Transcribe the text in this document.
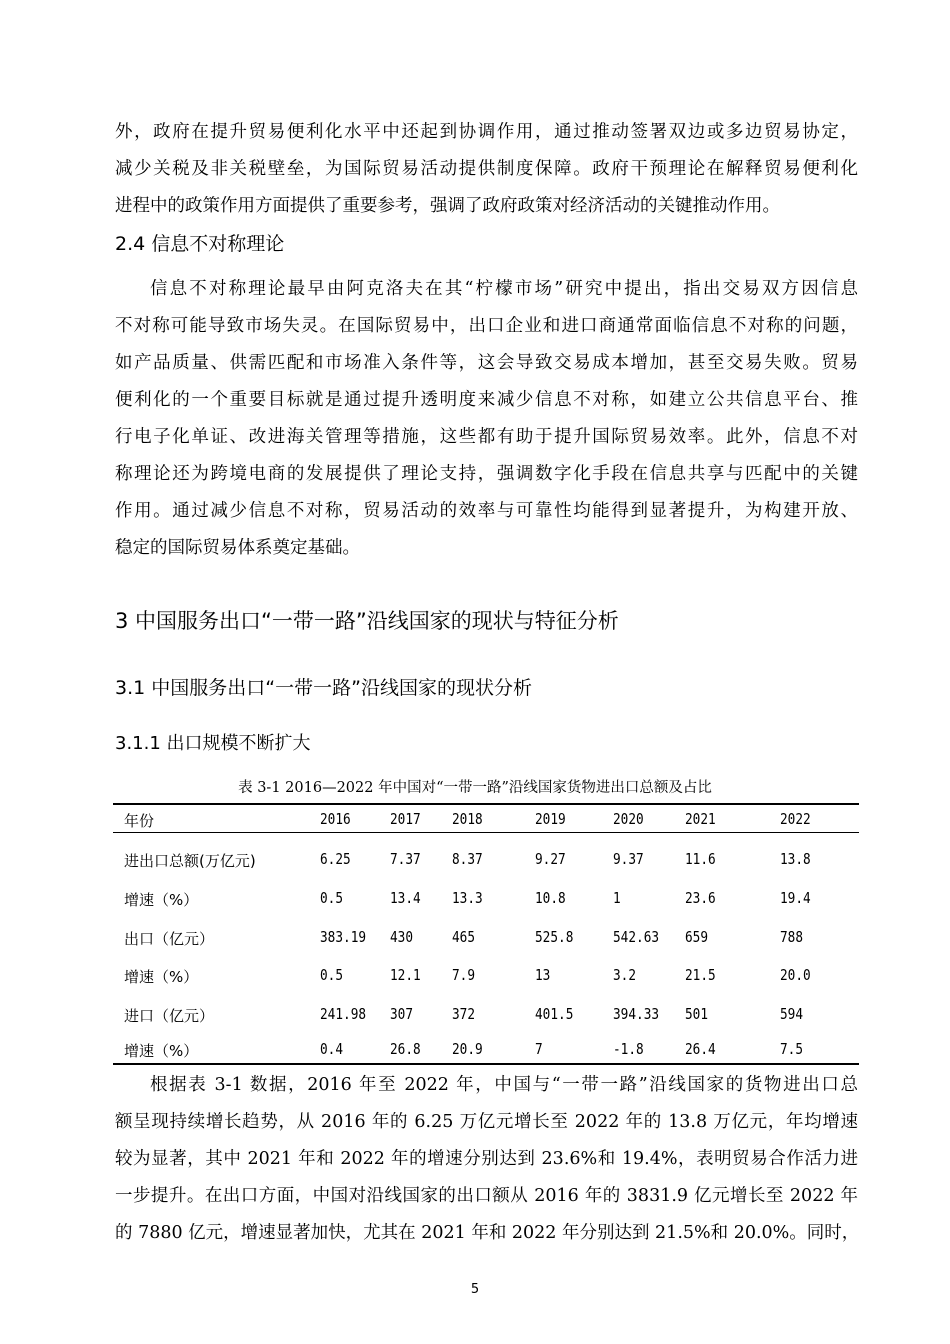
外，政府在提升贸易便利化水平中还起到协调作用，通过推动签署双边或多边贸易协定，
减少关税及非关税壁垒，为国际贸易活动提供制度保障。政府干预理论在解释贸易便利化
进程中的政策作用方面提供了重要参考，强调了政府政策对经济活动的关键推动作用。
2.4 信息不对称理论
信息不对称理论最早由阿克洛夫在其“柠檬市场”研究中提出，指出交易双方因信息
不对称可能导致市场失灵。在国际贸易中，出口企业和进口商通常面临信息不对称的问题，
如产品质量、供需匹配和市场准入条件等，这会导致交易成本增加，甚至交易失败。贸易
便利化的一个重要目标就是通过提升透明度来减少信息不对称，如建立公共信息平台、推
行电子化单证、改进海关管理等措施，这些都有助于提升国际贸易效率。此外，信息不对
称理论还为跨境电商的发展提供了理论支持，强调数字化手段在信息共享与匹配中的关键
作用。通过减少信息不对称，贸易活动的效率与可靠性均能得到显著提升，为构建开放、
稳定的国际贸易体系奠定基础。
3 中国服务出口“一带一路”沿线国家的现状与特征分析
3.1 中国服务出口“一带一路”沿线国家的现状分析
3.1.1 出口规模不断扩大
表 3-1 2016—2022 年中国对“一带一路”沿线国家货物进出口总额及占比
年份	2016	2017 2018	2019	2020	2021	2022
进出口总额(万亿元)	6.25	7.37 8.37	9.27	9.37	11.6	13.8
增速（%）	0.5	13.4 13.3	10.8	1	23.6	19.4
出口（亿元）	383.19 430	465	525.8	542.63 659	788
增速（%）	0.5	12.1 7.9	13	3.2	21.5	20.0
进口（亿元）	241.98 307	372	401.5	394.33 501	594
增速（%）	0.4	26.8 20.9	7	-1.8	26.4	7.5
根据表 3-1 数据，2016 年至 2022 年，中国与“一带一路”沿线国家的货物进出口总
额呈现持续增长趋势，从 2016 年的 6.25 万亿元增长至 2022 年的 13.8 万亿元，年均增速
较为显著，其中 2021 年和 2022 年的增速分别达到 23.6%和 19.4%，表明贸易合作活力进
一步提升。在出口方面，中国对沿线国家的出口额从 2016 年的 3831.9 亿元增长至 2022 年
的 7880 亿元，增速显著加快，尤其在 2021 年和 2022 年分别达到 21.5%和 20.0%。同时，
5
